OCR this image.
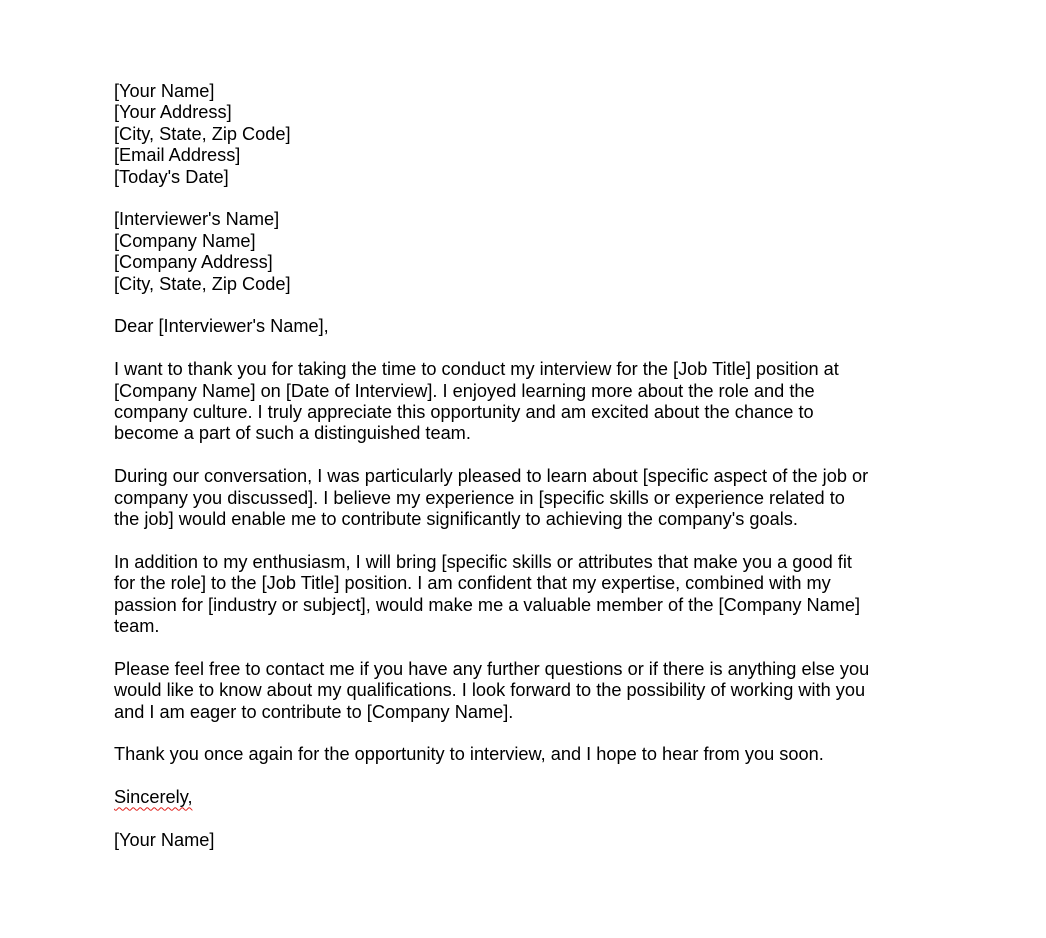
[Your Name]
[Your Address]
[City, State, Zip Code]
[Email Address]
[Today's Date]
[Interviewer's Name]
[Company Name]
[Company Address]
[City, State, Zip Code]
Dear [Interviewer's Name],
I want to thank you for taking the time to conduct my interview for the [Job Title] position at
[Company Name] on [Date of Interview]. I enjoyed learning more about the role and the
company culture. I truly appreciate this opportunity and am excited about the chance to
become a part of such a distinguished team.
During our conversation, I was particularly pleased to learn about [specific aspect of the job or
company you discussed]. I believe my experience in [specific skills or experience related to
the job] would enable me to contribute significantly to achieving the company's goals.
In addition to my enthusiasm, I will bring [specific skills or attributes that make you a good fit
for the role] to the [Job Title] position. I am confident that my expertise, combined with my
passion for [industry or subject], would make me a valuable member of the [Company Name]
team.
Please feel free to contact me if you have any further questions or if there is anything else you
would like to know about my qualifications. I look forward to the possibility of working with you
and I am eager to contribute to [Company Name].
Thank you once again for the opportunity to interview, and I hope to hear from you soon.
Sincerely,
[Your Name]
